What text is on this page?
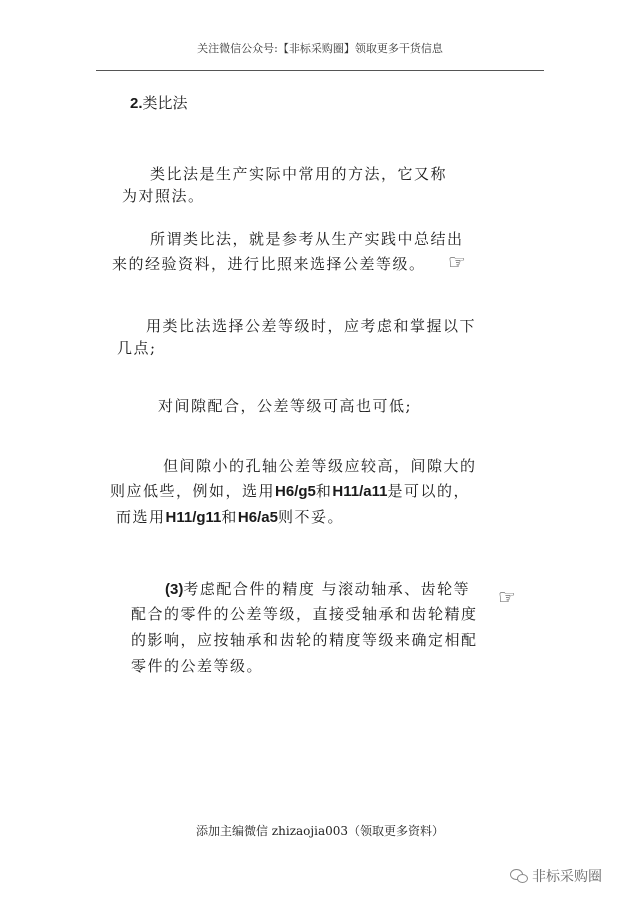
关注微信公众号:【非标采购圈】领取更多干货信息
2.类比法
类比法是生产实际中常用的方法，它又称
为对照法。
所谓类比法，就是参考从生产实践中总结出
来的经验资料，进行比照来选择公差等级。 ☞
用类比法选择公差等级时，应考虑和掌握以下
几点;
对间隙配合，公差等级可高也可低;
但间隙小的孔轴公差等级应较高，间隙大的
则应低些，例如，选用H6/g5和H11/a11是可以的，
而选用H11/g11和H6/a5则不妥。
(3)考虑配合件的精度 与滚动轴承、齿轮等 ☞
配合的零件的公差等级，直接受轴承和齿轮精度
的影响，应按轴承和齿轮的精度等级来确定相配
零件的公差等级。
添加主编微信 zhizaojia003（领取更多资料）
非标采购圈
